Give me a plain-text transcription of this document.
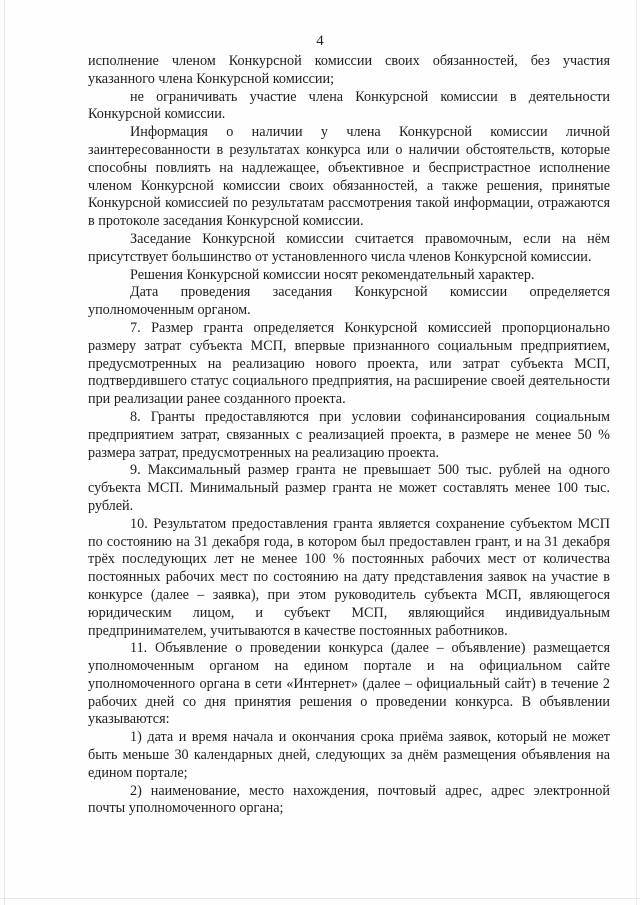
4

исполнение членом Конкурсной комиссии своих обязанностей, без участия указанного члена Конкурсной комиссии;

не ограничивать участие члена Конкурсной комиссии в деятельности Конкурсной комиссии.

Информация о наличии у члена Конкурсной комиссии личной заинтересованности в результатах конкурса или о наличии обстоятельств, которые способны повлиять на надлежащее, объективное и беспристрастное исполнение членом Конкурсной комиссии своих обязанностей, а также решения, принятые Конкурсной комиссией по результатам рассмотрения такой информации, отражаются в протоколе заседания Конкурсной комиссии.

Заседание Конкурсной комиссии считается правомочным, если на нём присутствует большинство от установленного числа членов Конкурсной комиссии.

Решения Конкурсной комиссии носят рекомендательный характер.

Дата проведения заседания Конкурсной комиссии определяется уполномоченным органом.

7. Размер гранта определяется Конкурсной комиссией пропорционально размеру затрат субъекта МСП, впервые признанного социальным предприятием, предусмотренных на реализацию нового проекта, или затрат субъекта МСП, подтвердившего статус социального предприятия, на расширение своей деятельности при реализации ранее созданного проекта.

8. Гранты предоставляются при условии софинансирования социальным предприятием затрат, связанных с реализацией проекта, в размере не менее 50 % размера затрат, предусмотренных на реализацию проекта.

9. Максимальный размер гранта не превышает 500 тыс. рублей на одного субъекта МСП. Минимальный размер гранта не может составлять менее 100 тыс. рублей.

10. Результатом предоставления гранта является сохранение субъектом МСП по состоянию на 31 декабря года, в котором был предоставлен грант, и на 31 декабря трёх последующих лет не менее 100 % постоянных рабочих мест от количества постоянных рабочих мест по состоянию на дату представления заявок на участие в конкурсе (далее – заявка), при этом руководитель субъекта МСП, являющегося юридическим лицом, и субъект МСП, являющийся индивидуальным предпринимателем, учитываются в качестве постоянных работников.

11. Объявление о проведении конкурса (далее – объявление) размещается уполномоченным органом на едином портале и на официальном сайте уполномоченного органа в сети «Интернет» (далее – официальный сайт) в течение 2 рабочих дней со дня принятия решения о проведении конкурса. В объявлении указываются:

1) дата и время начала и окончания срока приёма заявок, который не может быть меньше 30 календарных дней, следующих за днём размещения объявления на едином портале;

2) наименование, место нахождения, почтовый адрес, адрес электронной почты уполномоченного органа;
